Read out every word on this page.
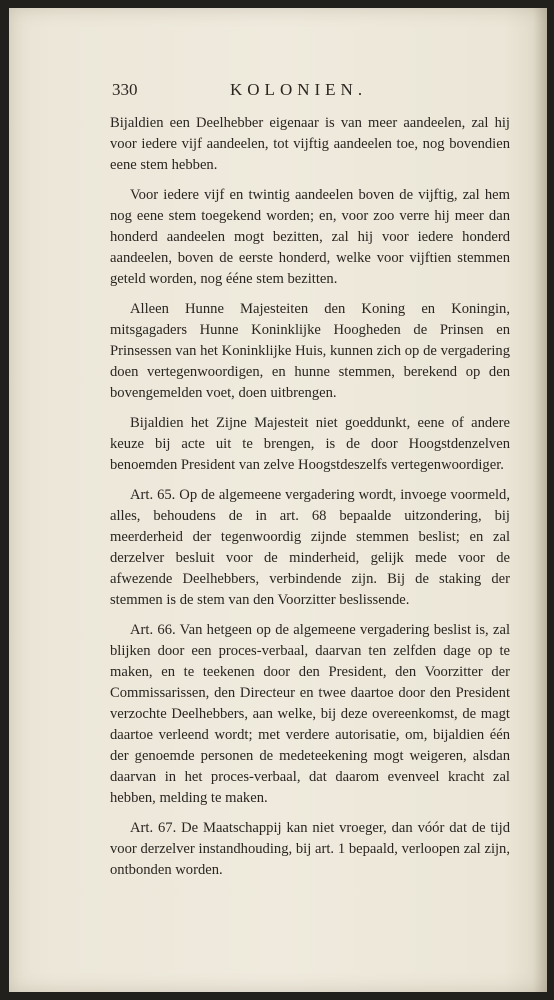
330	KOLONIEN.

Bijaldien een Deelhebber eigenaar is van meer aandeelen, zal hij voor iedere vijf aandeelen, tot vijftig aandeelen toe, nog bovendien eene stem hebben.

Voor iedere vijf en twintig aandeelen boven de vijftig, zal hem nog eene stem toegekend worden; en, voor zoo verre hij meer dan honderd aandeelen mogt bezitten, zal hij voor iedere honderd aandeelen, boven de eerste honderd, welke voor vijftien stemmen geteld worden, nog ééne stem bezitten.

Alleen Hunne Majesteiten den Koning en Koningin, mitsgagaders Hunne Koninklijke Hoogheden de Prinsen en Prinsessen van het Koninklijke Huis, kunnen zich op de vergadering doen vertegenwoordigen, en hunne stemmen, berekend op den bovengemelden voet, doen uitbrengen.

Bijaldien het Zijne Majesteit niet goeddunkt, eene of andere keuze bij acte uit te brengen, is de door Hoogstdenzelven benoemden President van zelve Hoogstdeszelfs vertegenwoordiger.

Art. 65. Op de algemeene vergadering wordt, invoege voormeld, alles, behoudens de in art. 68 bepaalde uitzondering, bij meerderheid der tegenwoordig zijnde stemmen beslist; en zal derzelver besluit voor de minderheid, gelijk mede voor de afwezende Deelhebbers, verbindende zijn. Bij de staking der stemmen is de stem van den Voorzitter beslissende.

Art. 66. Van hetgeen op de algemeene vergadering beslist is, zal blijken door een proces-verbaal, daarvan ten zelfden dage op te maken, en te teekenen door den President, den Voorzitter der Commissarissen, den Directeur en twee daartoe door den President verzochte Deelhebbers, aan welke, bij deze overeenkomst, de magt daartoe verleend wordt; met verdere autorisatie, om, bijaldien één der genoemde personen de medeteekening mogt weigeren, alsdan daarvan in het proces-verbaal, dat daarom evenveel kracht zal hebben, melding te maken.

Art. 67. De Maatschappij kan niet vroeger, dan vóór dat de tijd voor derzelver instandhouding, bij art. 1 bepaald, verloopen zal zijn, ontbonden worden.
